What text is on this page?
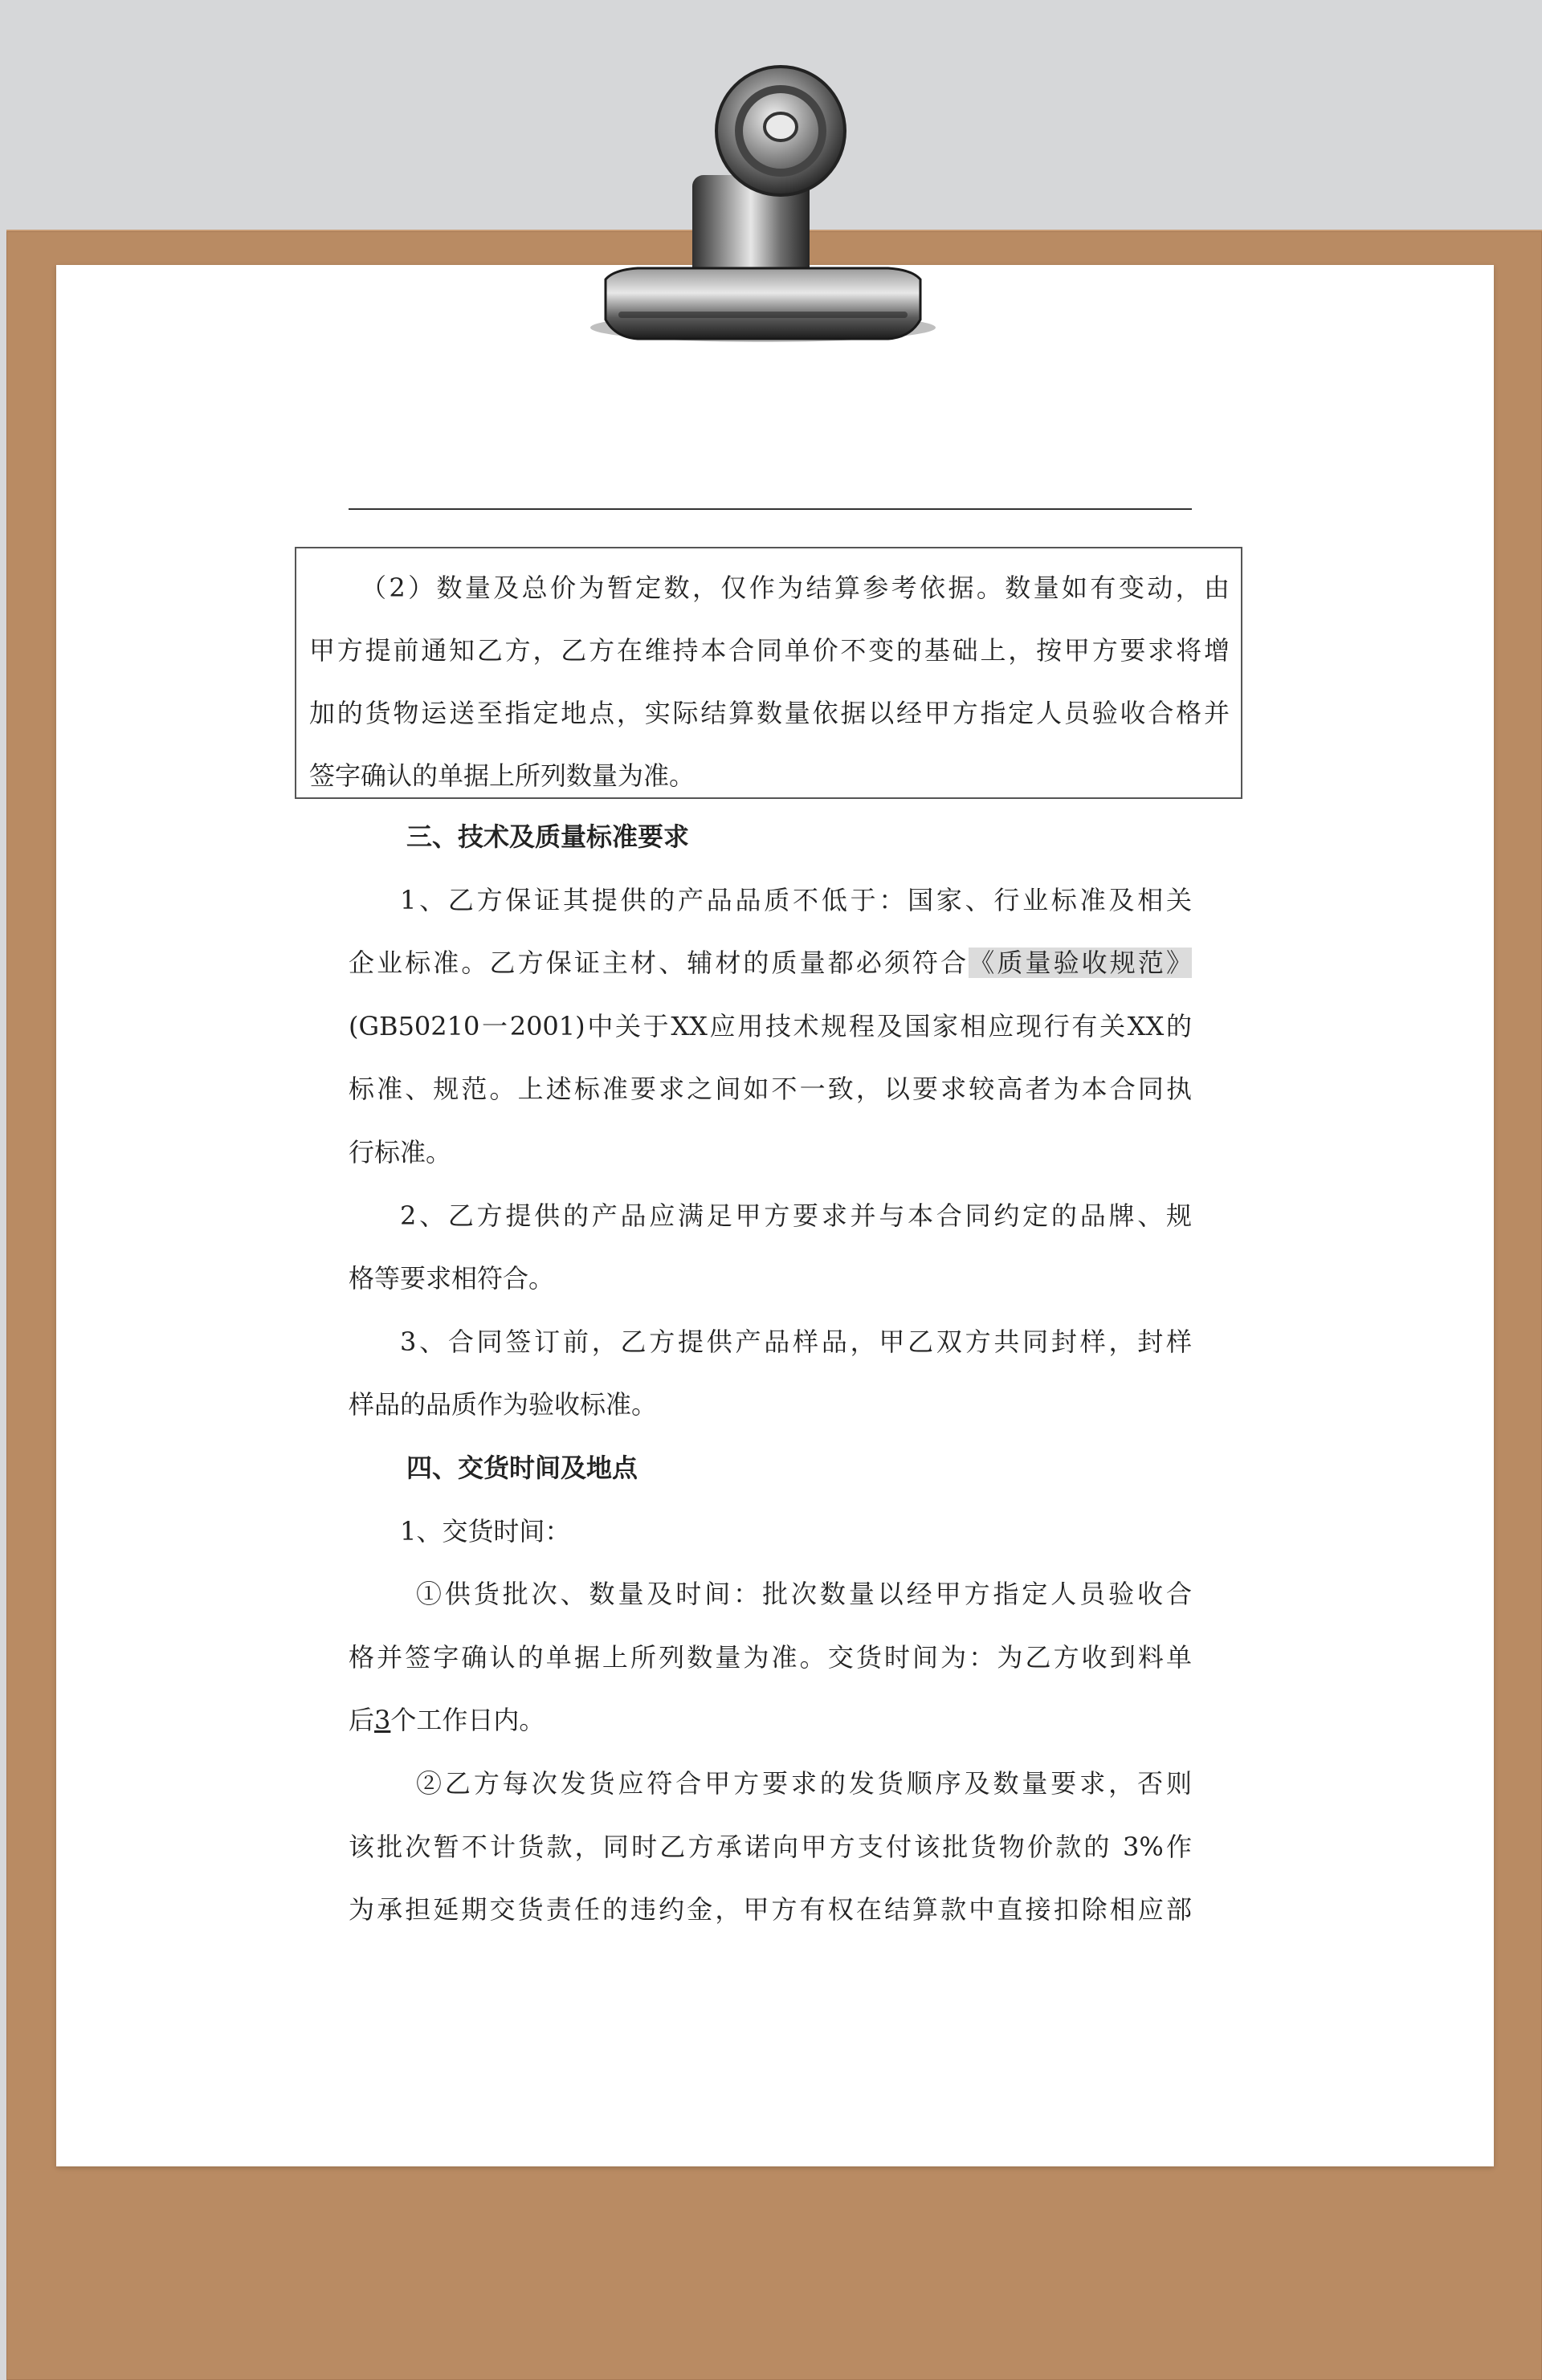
（2）数量及总价为暂定数，仅作为结算参考依据。数量如有变动，由

甲方提前通知乙方，乙方在维持本合同单价不变的基础上，按甲方要求将增

加的货物运送至指定地点，实际结算数量依据以经甲方指定人员验收合格并

签字确认的单据上所列数量为准。

三、技术及质量标准要求

1、乙方保证其提供的产品品质不低于：国家、行业标准及相关

企业标准。乙方保证主材、辅材的质量都必须符合《质量验收规范》

(GB50210一2001)中关于XX应用技术规程及国家相应现行有关XX的

标准、规范。上述标准要求之间如不一致，以要求较高者为本合同执

行标准。

2、乙方提供的产品应满足甲方要求并与本合同约定的品牌、规

格等要求相符合。

3、合同签订前，乙方提供产品样品，甲乙双方共同封样，封样

样品的品质作为验收标准。

四、交货时间及地点

1、交货时间：

①供货批次、数量及时间：批次数量以经甲方指定人员验收合

格并签字确认的单据上所列数量为准。交货时间为：为乙方收到料单

后3个工作日内。

②乙方每次发货应符合甲方要求的发货顺序及数量要求，否则

该批次暂不计货款，同时乙方承诺向甲方支付该批货物价款的 3%作

为承担延期交货责任的违约金，甲方有权在结算款中直接扣除相应部
